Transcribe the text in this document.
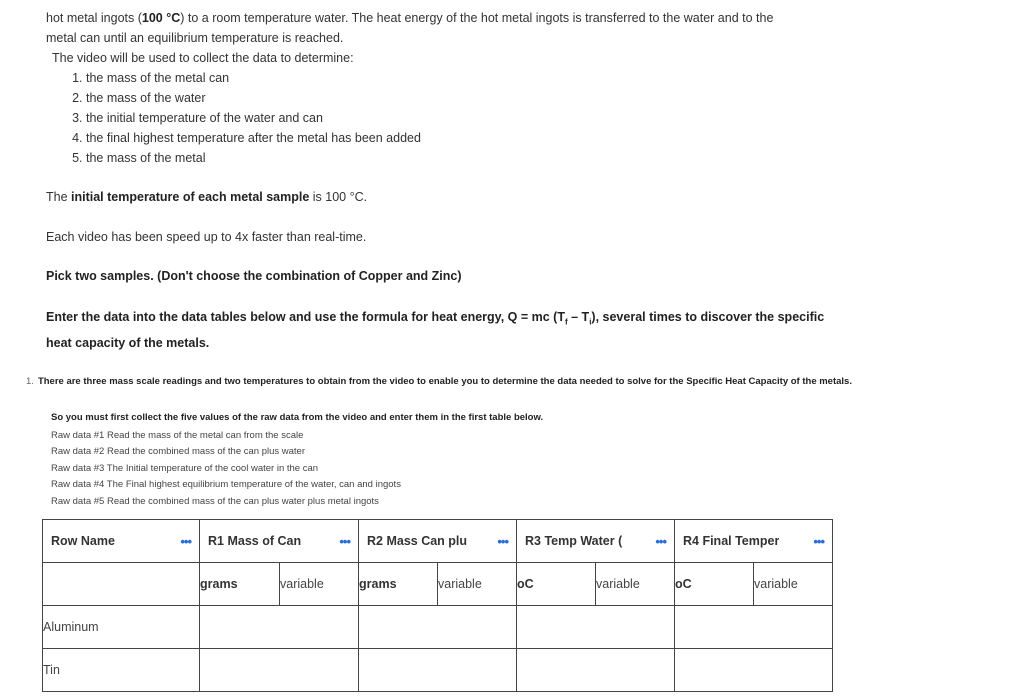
hot metal ingots (100 °C) to a room temperature water. The heat energy of the hot metal ingots is transferred to the water and to the
metal can until an equilibrium temperature is reached.
The video will be used to collect the data to determine:
1. the mass of the metal can
2. the mass of the water
3. the initial temperature of the water and can
4. the final highest temperature after the metal has been added
5. the mass of the metal
The initial temperature of each metal sample is 100 °C.
Each video has been speed up to 4x faster than real-time.
Pick two samples. (Don't choose the combination of Copper and Zinc)
Enter the data into the data tables below and use the formula for heat energy, Q = mc $(T_f - T_i)$, several times to discover the specific
heat capacity of the metals.
1. There are three mass scale readings and two temperatures to obtain from the video to enable you to determine the data needed to solve for the Specific Heat Capacity of the metals.
So you must first collect the five values of the raw data from the video and enter them in the first table below.
Raw data #1 Read the mass of the metal can from the scale
Raw data #2 Read the combined mass of the can plus water
Raw data #3 The Initial temperature of the cool water in the can
Raw data #4 The Final highest equilibrium temperature of the water, can and ingots
Raw data #5 Read the combined mass of the can plus water plus metal ingots
Row Name •••	R1 Mass of Can •••		R2 Mass Can plu •••		R3 Temp Water ( •••		R4 Final Temper •••	

	grams	variable	grams	variable	oC	variable	oC	variable
Aluminum								
Tin								
